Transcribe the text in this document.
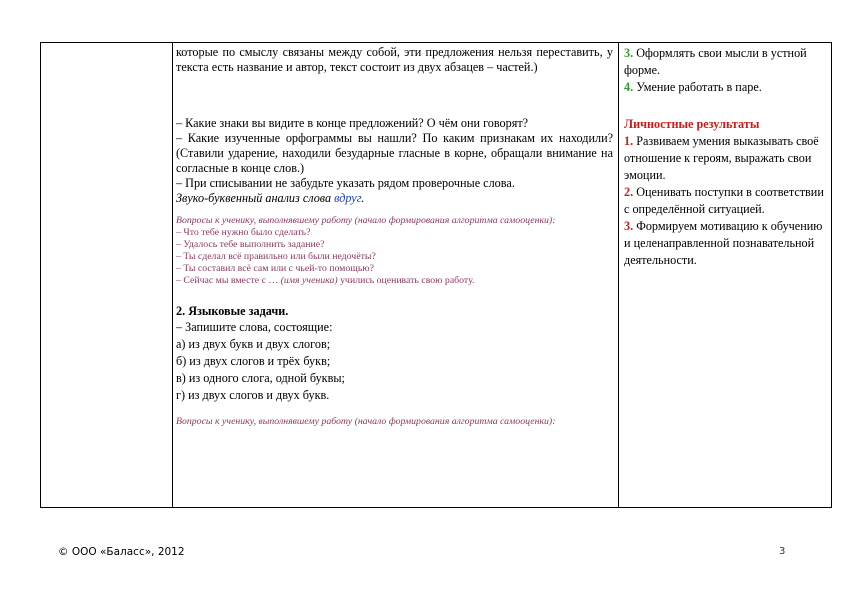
которые по смыслу связаны между собой, эти предложения нельзя переставить, у текста есть название и автор, текст состоит из двух абзацев – частей.)

– Какие знаки вы видите в конце предложений? О чём они говорят?

– Какие изученные орфограммы вы нашли? По каким признакам их находили? (Ставили ударение, находили безударные гласные в корне, обращали внимание на согласные в конце слов.)

– При списывании не забудьте указать рядом проверочные слова.

Звуко-буквенный анализ слова вдруг.

Вопросы к ученику, выполнявшему работу (начало формирования алгоритма самооценки):

– Что тебе нужно было сделать?

– Удалось тебе выполнить задание?

– Ты сделал всё правильно или были недочёты?

– Ты составил всё сам или с чьей-то помощью?

– Сейчас мы вместе с … (имя ученика) учились оценивать свою работу.

2. Языковые задачи.

– Запишите слова, состоящие:

а) из двух букв и двух слогов;

б) из двух слогов и трёх букв;

в) из одного слога, одной буквы;

г) из двух слогов и двух букв.

Вопросы к ученику, выполнявшему работу (начало формирования алгоритма самооценки):

3. Оформлять свои мысли в устной форме.

4. Умение работать в паре.

Личностные результаты

1. Развиваем умения выказывать своё отношение к героям, выражать свои эмоции.

2. Оценивать поступки в соответствии с определённой ситуацией.

3. Формируем мотивацию к обучению и целенаправленной познавательной деятельности.

© ООО «Баласс», 2012	3
